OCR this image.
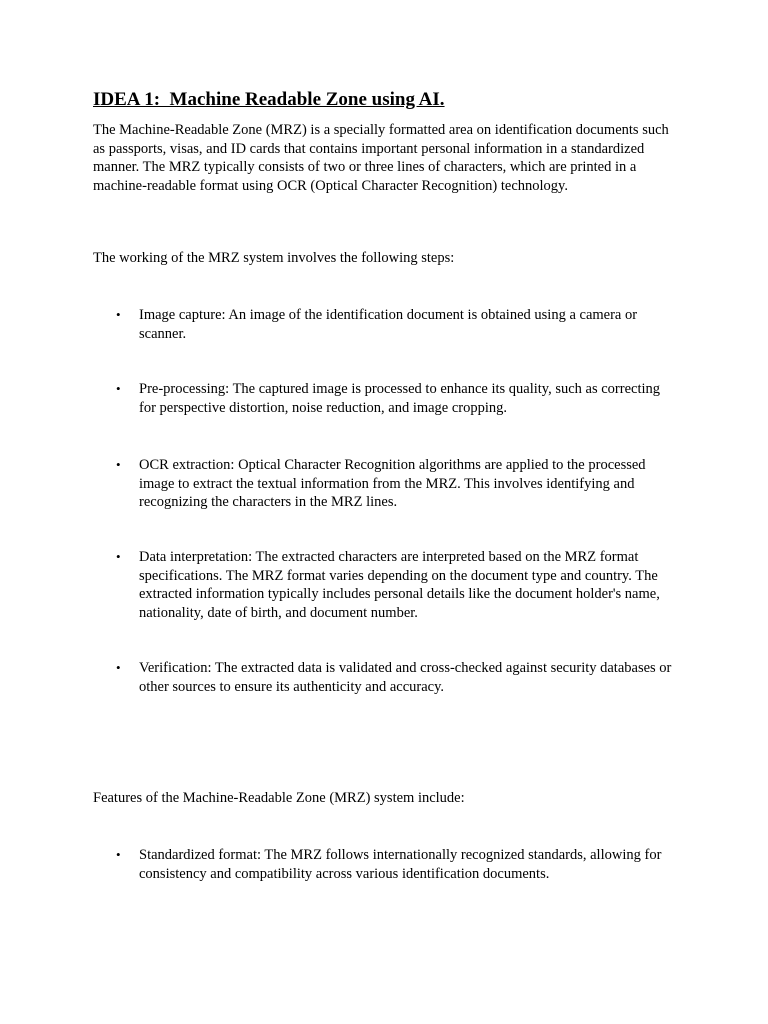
IDEA 1:  Machine Readable Zone using AI.

The Machine-Readable Zone (MRZ) is a specially formatted area on identification documents such as passports, visas, and ID cards that contains important personal information in a standardized manner. The MRZ typically consists of two or three lines of characters, which are printed in a machine-readable format using OCR (Optical Character Recognition) technology.

The working of the MRZ system involves the following steps:

• Image capture: An image of the identification document is obtained using a camera or scanner.
• Pre-processing: The captured image is processed to enhance its quality, such as correcting for perspective distortion, noise reduction, and image cropping.
• OCR extraction: Optical Character Recognition algorithms are applied to the processed image to extract the textual information from the MRZ. This involves identifying and recognizing the characters in the MRZ lines.
• Data interpretation: The extracted characters are interpreted based on the MRZ format specifications. The MRZ format varies depending on the document type and country. The extracted information typically includes personal details like the document holder's name, nationality, date of birth, and document number.
• Verification: The extracted data is validated and cross-checked against security databases or other sources to ensure its authenticity and accuracy.

Features of the Machine-Readable Zone (MRZ) system include:

• Standardized format: The MRZ follows internationally recognized standards, allowing for consistency and compatibility across various identification documents.
